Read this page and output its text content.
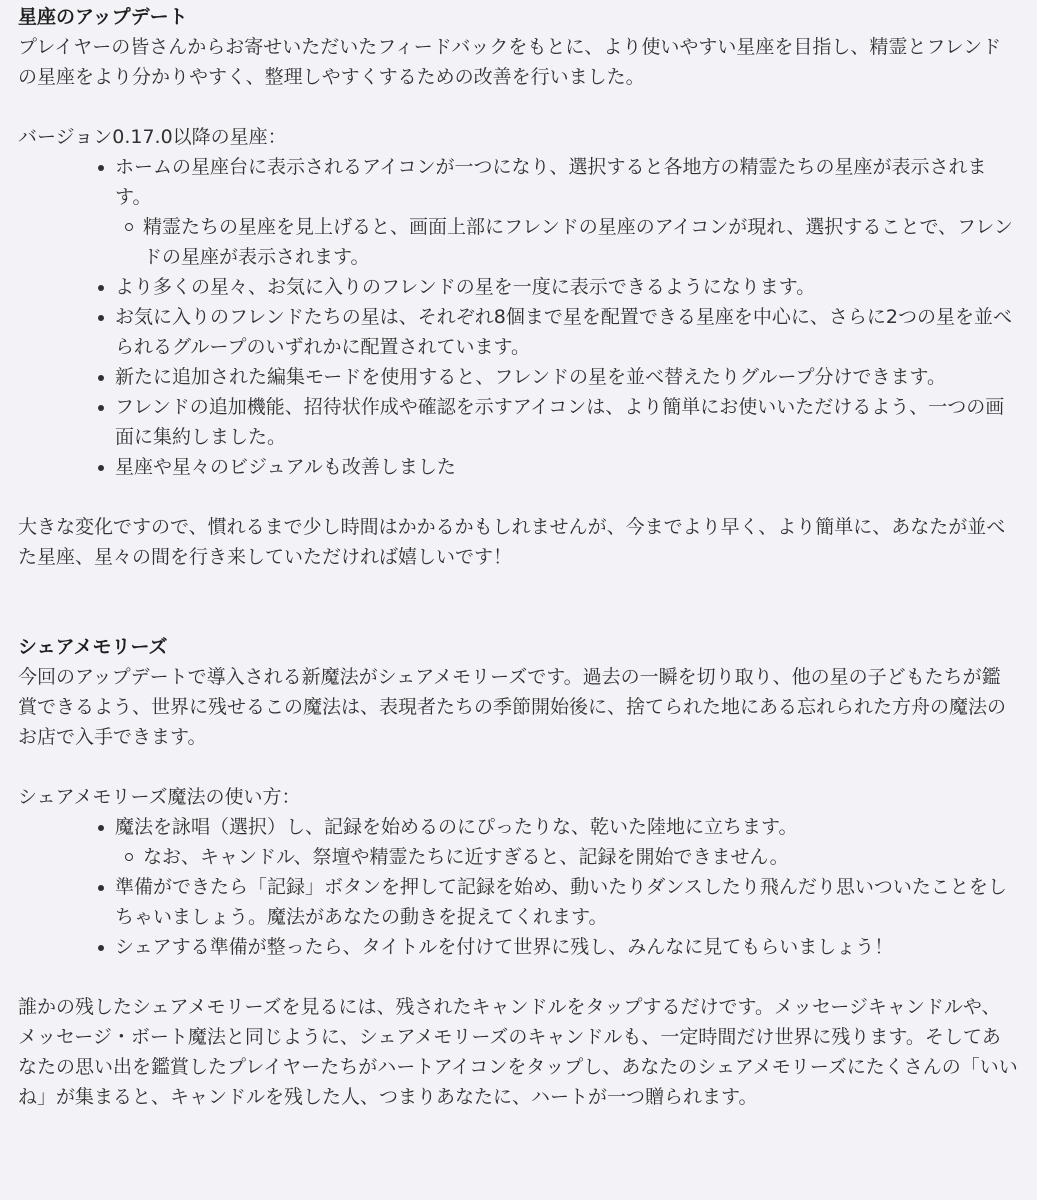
星座のアップデート

プレイヤーの皆さんからお寄せいただいたフィードバックをもとに、より使いやすい星座を目指し、精霊とフレンドの星座をより分かりやすく、整理しやすくするための改善を行いました。

バージョン0.17.0以降の星座：

ホームの星座台に表示されるアイコンが一つになり、選択すると各地方の精霊たちの星座が表示されます。
精霊たちの星座を見上げると、画面上部にフレンドの星座のアイコンが現れ、選択することで、フレンドの星座が表示されます。
より多くの星々、お気に入りのフレンドの星を一度に表示できるようになります。
お気に入りのフレンドたちの星は、それぞれ8個まで星を配置できる星座を中心に、さらに2つの星を並べられるグループのいずれかに配置されています。
新たに追加された編集モードを使用すると、フレンドの星を並べ替えたりグループ分けできます。
フレンドの追加機能、招待状作成や確認を示すアイコンは、より簡単にお使いいただけるよう、一つの画面に集約しました。
星座や星々のビジュアルも改善しました

大きな変化ですので、慣れるまで少し時間はかかるかもしれませんが、今までより早く、より簡単に、あなたが並べた星座、星々の間を行き来していただければ嬉しいです！

シェアメモリーズ

今回のアップデートで導入される新魔法がシェアメモリーズです。過去の一瞬を切り取り、他の星の子どもたちが鑑賞できるよう、世界に残せるこの魔法は、表現者たちの季節開始後に、捨てられた地にある忘れられた方舟の魔法のお店で入手できます。

シェアメモリーズ魔法の使い方：

魔法を詠唱（選択）し、記録を始めるのにぴったりな、乾いた陸地に立ちます。
なお、キャンドル、祭壇や精霊たちに近すぎると、記録を開始できません。
準備ができたら「記録」ボタンを押して記録を始め、動いたりダンスしたり飛んだり思いついたことをしちゃいましょう。魔法があなたの動きを捉えてくれます。
シェアする準備が整ったら、タイトルを付けて世界に残し、みんなに見てもらいましょう！

誰かの残したシェアメモリーズを見るには、残されたキャンドルをタップするだけです。メッセージキャンドルや、メッセージ・ボート魔法と同じように、シェアメモリーズのキャンドルも、一定時間だけ世界に残ります。そしてあなたの思い出を鑑賞したプレイヤーたちがハートアイコンをタップし、あなたのシェアメモリーズにたくさんの「いいね」が集まると、キャンドルを残した人、つまりあなたに、ハートが一つ贈られます。
